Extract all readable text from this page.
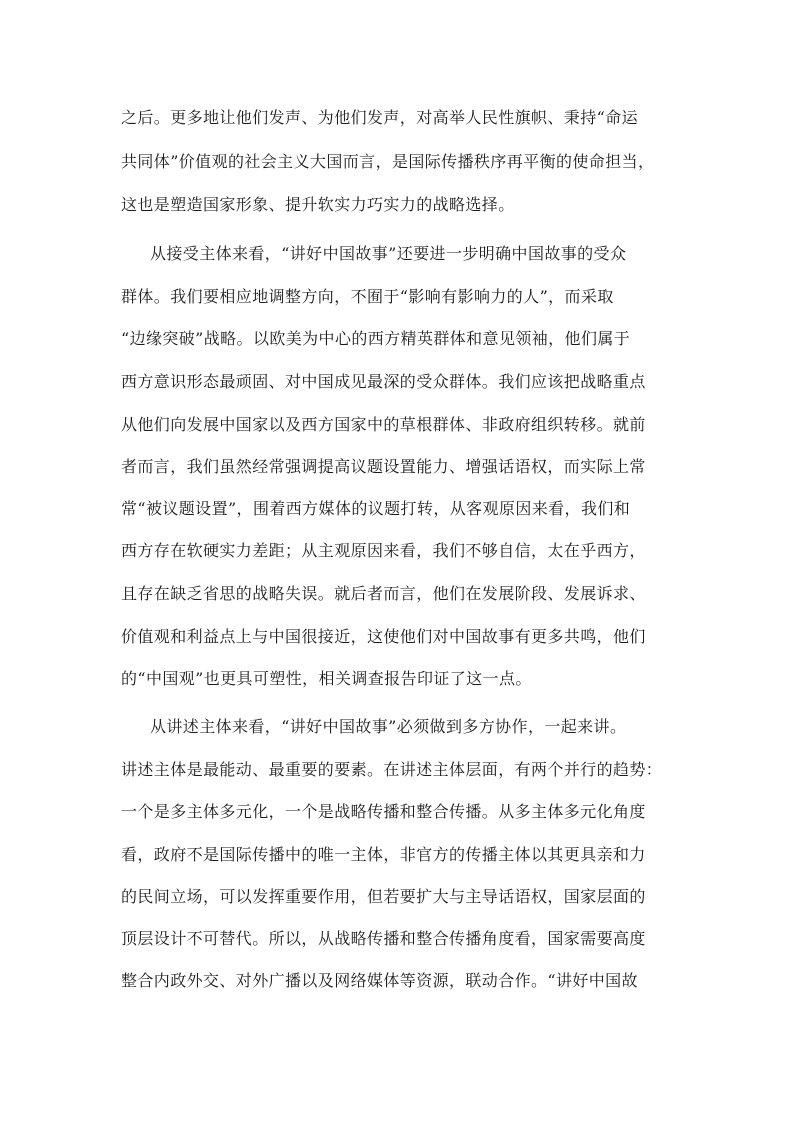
之后。更多地让他们发声、为他们发声，对高举人民性旗帜、秉持“命运
共同体”价值观的社会主义大国而言，是国际传播秩序再平衡的使命担当，
这也是塑造国家形象、提升软实力巧实力的战略选择。
从接受主体来看，“讲好中国故事”还要进一步明确中国故事的受众
群体。我们要相应地调整方向，不囿于“影响有影响力的人”，而采取
“边缘突破”战略。以欧美为中心的西方精英群体和意见领袖，他们属于
西方意识形态最顽固、对中国成见最深的受众群体。我们应该把战略重点
从他们向发展中国家以及西方国家中的草根群体、非政府组织转移。就前
者而言，我们虽然经常强调提高议题设置能力、增强话语权，而实际上常
常“被议题设置”，围着西方媒体的议题打转，从客观原因来看，我们和
西方存在软硬实力差距；从主观原因来看，我们不够自信，太在乎西方，
且存在缺乏省思的战略失误。就后者而言，他们在发展阶段、发展诉求、
价值观和利益点上与中国很接近，这使他们对中国故事有更多共鸣，他们
的“中国观”也更具可塑性，相关调查报告印证了这一点。
从讲述主体来看，“讲好中国故事”必须做到多方协作，一起来讲。
讲述主体是最能动、最重要的要素。在讲述主体层面，有两个并行的趋势：
一个是多主体多元化，一个是战略传播和整合传播。从多主体多元化角度
看，政府不是国际传播中的唯一主体，非官方的传播主体以其更具亲和力
的民间立场，可以发挥重要作用，但若要扩大与主导话语权，国家层面的
顶层设计不可替代。所以，从战略传播和整合传播角度看，国家需要高度
整合内政外交、对外广播以及网络媒体等资源，联动合作。“讲好中国故
